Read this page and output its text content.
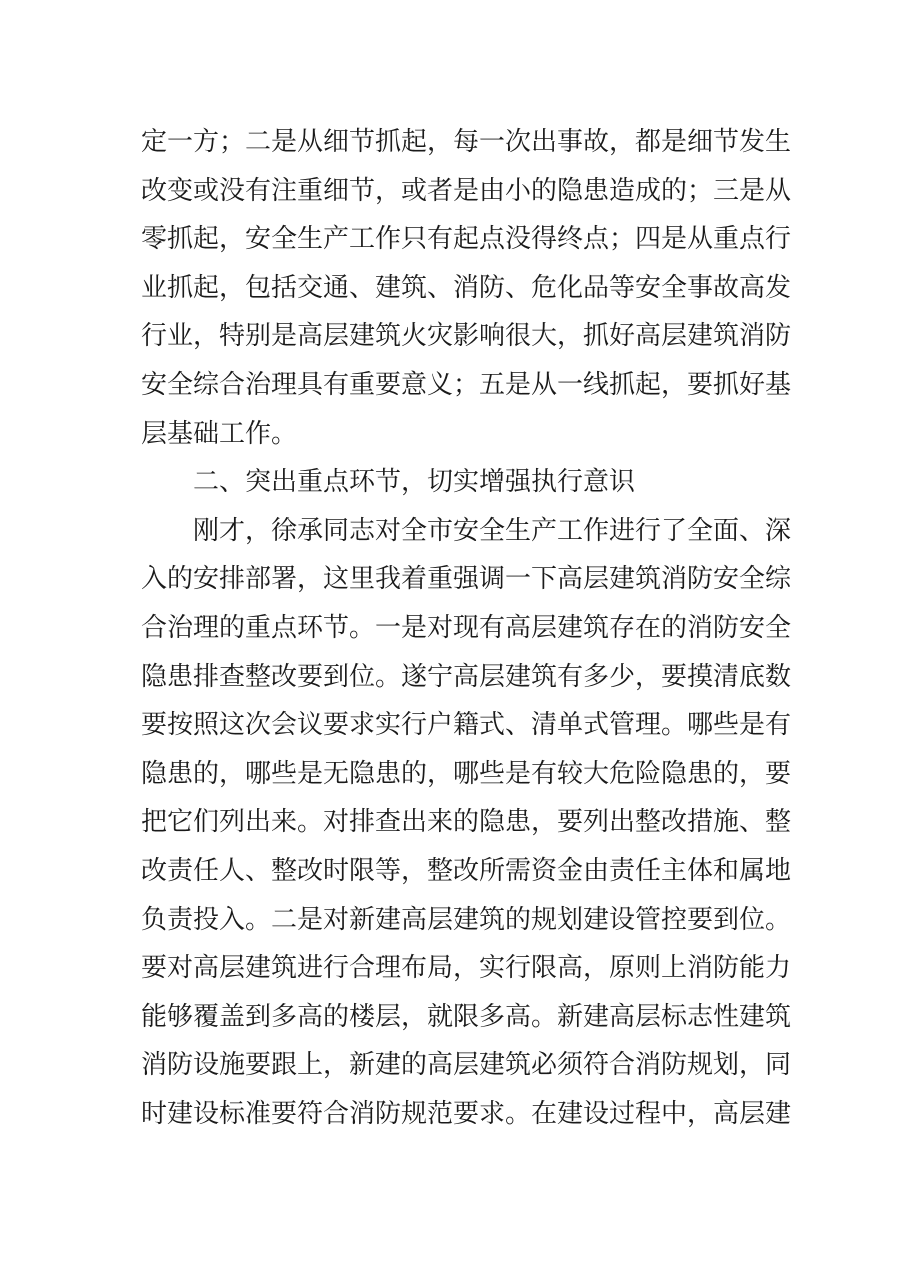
定一方；二是从细节抓起，每一次出事故，都是细节发生
改变或没有注重细节，或者是由小的隐患造成的；三是从
零抓起，安全生产工作只有起点没得终点；四是从重点行
业抓起，包括交通、建筑、消防、危化品等安全事故高发
行业，特别是高层建筑火灾影响很大，抓好高层建筑消防
安全综合治理具有重要意义；五是从一线抓起，要抓好基
层基础工作。
二、突出重点环节，切实增强执行意识
刚才，徐承同志对全市安全生产工作进行了全面、深
入的安排部署，这里我着重强调一下高层建筑消防安全综
合治理的重点环节。一是对现有高层建筑存在的消防安全
隐患排查整改要到位。遂宁高层建筑有多少，要摸清底数
要按照这次会议要求实行户籍式、清单式管理。哪些是有
隐患的，哪些是无隐患的，哪些是有较大危险隐患的，要
把它们列出来。对排查出来的隐患，要列出整改措施、整
改责任人、整改时限等，整改所需资金由责任主体和属地
负责投入。二是对新建高层建筑的规划建设管控要到位。
要对高层建筑进行合理布局，实行限高，原则上消防能力
能够覆盖到多高的楼层，就限多高。新建高层标志性建筑
消防设施要跟上，新建的高层建筑必须符合消防规划，同
时建设标准要符合消防规范要求。在建设过程中，高层建
